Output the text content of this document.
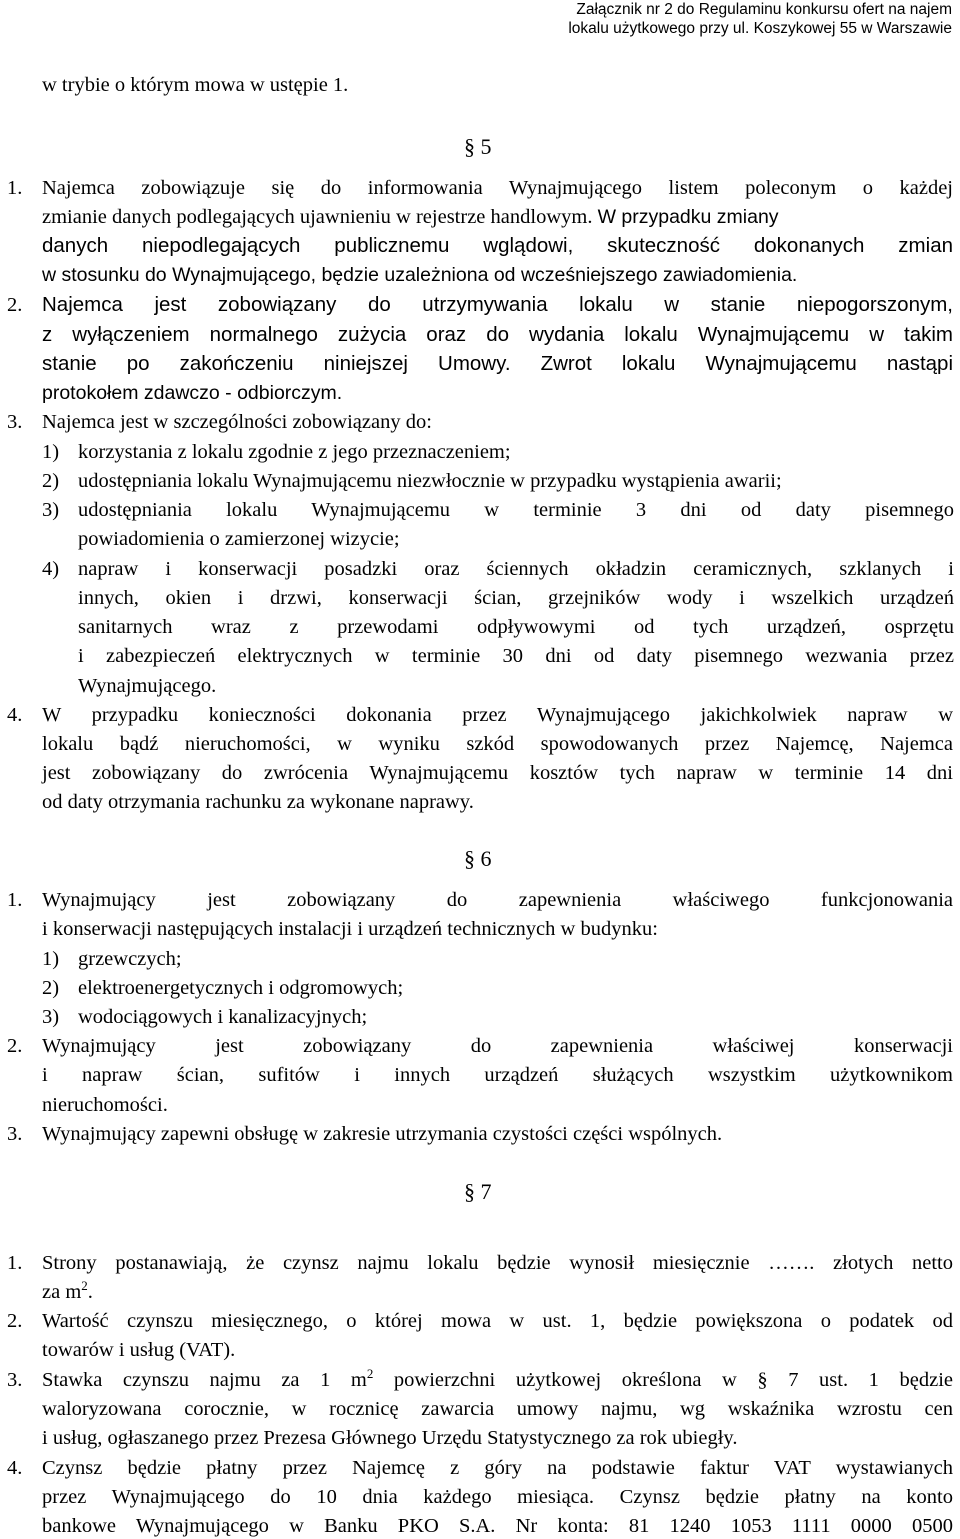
Załącznik nr 2 do Regulaminu konkursu ofert na najem
lokalu użytkowego przy ul. Koszykowej 55 w Warszawie
w trybie o którym mowa w ustępie 1.
§ 5
1. Najemca zobowiązuje się do informowania Wynajmującego listem poleconym o każdej
zmianie danych podlegających ujawnieniu w rejestrze handlowym. W przypadku zmiany
danych niepodlegających publicznemu wglądowi, skuteczność dokonanych zmian
w stosunku do Wynajmującego, będzie uzależniona od wcześniejszego zawiadomienia.
2. Najemca jest zobowiązany do utrzymywania lokalu w stanie niepogorszonym,
z wyłączeniem normalnego zużycia oraz do wydania lokalu Wynajmującemu w takim
stanie po zakończeniu niniejszej Umowy. Zwrot lokalu Wynajmującemu nastąpi
protokołem zdawczo - odbiorczym.
3. Najemca jest w szczególności zobowiązany do:
1) korzystania z lokalu zgodnie z jego przeznaczeniem;
2) udostępniania lokalu Wynajmującemu niezwłocznie w przypadku wystąpienia awarii;
3) udostępniania lokalu Wynajmującemu w terminie 3 dni od daty pisemnego
powiadomienia o zamierzonej wizycie;
4) napraw i konserwacji posadzki oraz ściennych okładzin ceramicznych, szklanych i
innych, okien i drzwi, konserwacji ścian, grzejników wody i wszelkich urządzeń
sanitarnych wraz z przewodami odpływowymi od tych urządzeń, osprzętu
i zabezpieczeń elektrycznych w terminie 30 dni od daty pisemnego wezwania przez
Wynajmującego.
4. W przypadku konieczności dokonania przez Wynajmującego jakichkolwiek napraw w
lokalu bądź nieruchomości, w wyniku szkód spowodowanych przez Najemcę, Najemca
jest zobowiązany do zwrócenia Wynajmującemu kosztów tych napraw w terminie 14 dni
od daty otrzymania rachunku za wykonane naprawy.
§ 6
1. Wynajmujący jest zobowiązany do zapewnienia właściwego funkcjonowania
i konserwacji następujących instalacji i urządzeń technicznych w budynku:
1) grzewczych;
2) elektroenergetycznych i odgromowych;
3) wodociągowych i kanalizacyjnych;
2. Wynajmujący jest zobowiązany do zapewnienia właściwej konserwacji
i napraw ścian, sufitów i innych urządzeń służących wszystkim użytkownikom
nieruchomości.
3. Wynajmujący zapewni obsługę w zakresie utrzymania czystości części wspólnych.
§ 7
1. Strony postanawiają, że czynsz najmu lokalu będzie wynosił miesięcznie ……. złotych netto
za $m^2$.
2. Wartość czynszu miesięcznego, o której mowa w ust. 1, będzie powiększona o podatek od
towarów i usług (VAT).
3. Stawka czynszu najmu za 1 $m^2$ powierzchni użytkowej określona w § 7 ust. 1 będzie
waloryzowana corocznie, w rocznicę zawarcia umowy najmu, wg wskaźnika wzrostu cen
i usług, ogłaszanego przez Prezesa Głównego Urzędu Statystycznego za rok ubiegły.
4. Czynsz będzie płatny przez Najemcę z góry na podstawie faktur VAT wystawianych
przez Wynajmującego do 10 dnia każdego miesiąca. Czynsz będzie płatny na konto
bankowe Wynajmującego w Banku PKO S.A. Nr konta: 81 1240 1053 1111 0000 0500
